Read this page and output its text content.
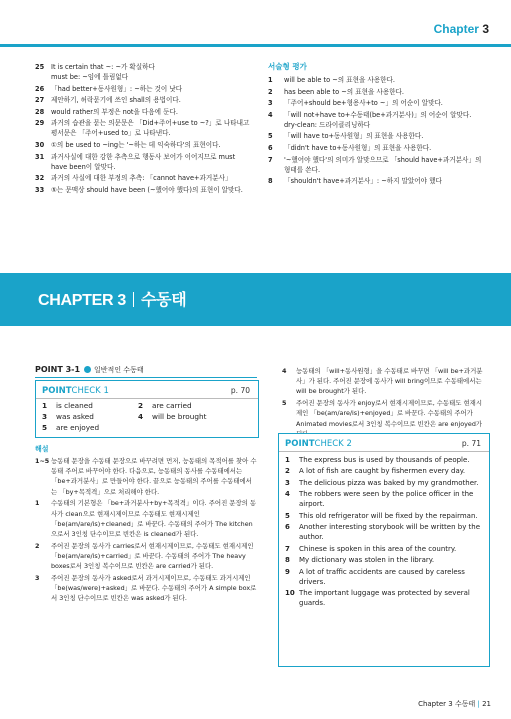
Chapter 3
25	It is certain that ~: ~가 확실하다
must be: ~임에 틀림없다
26	「had better+동사원형」: ~하는 것이 낫다
27	제안하기, 허락묻기에 쓰인 shall의 용법이다.
28	would rather의 부정은 not을 다음에 둔다.
29	과거의 습관을 묻는 의문문은 「Did+주어+use to ~?」로 나타내고
평서문은 「주어+used to」로 나타낸다.
30	①의 be used to ~ing는 '~하는 데 익숙하다'의 표현이다.
31	과거사실에 대한 강한 추측으로 행동사 보어가 이어지므로 must
have been이 알맞다.
32	과거의 사실에 대한 부정의 추측: 「cannot have+과거분사」
33	⑤는 문맥상 should have been (~했어야 했다)의 표현이 알맞다.
서술형 평가
1	will be able to ~의 표현을 사용한다.
2	has been able to ~의 표현을 사용한다.
3	「주어+should be+형용사+to ~」의 어순이 알맞다.
4	「will not+have to+수동태(be+과거분사)」의 어순이 알맞다.
dry-clean: 드라이클리닝하다
5	「will have to+동사원형」의 표현을 사용한다.
6	「didn't have to+동사원형」의 표현을 사용한다.
7	'~했어야 했다'의 의미가 알맞으므로 「should have+과거분사」의
형태를 쓴다.
8	「shouldn't have+과거분사」: ~하지 말았어야 했다
CHAPTER 3 수동태
POINT 3-1 일반적인 수동태
POINTCHECK 1	p. 70
1 is cleaned	2 are carried
3 was asked	4 will be brought
5 are enjoyed
해설
1~5 능동태 문장을 수동태 문장으로 바꾸려면 먼저, 능동태의 목적어를 찾아 수동태 주어로 바꾸어야 한다. 다음으로, 능동태의 동사를 수동태에서는 「be+과거분사」로 만들어야 한다. 끝으로 능동태의 주어를 수동태에서는 「by+목적격」으로 처리해야 한다.
1	수동태의 기본형은 「be+과거분사+by+목적격」이다. 주어진 문장의 동사가 clean으로 현재시제이므로 수동태도 현재시제인 「be(am/are/is)+cleaned」로 바꾼다. 수동태의 주어가 The kitchen으로서 3인칭 단수이므로 빈칸은 is cleaned가 된다.
2	주어진 문장의 동사가 carries로서 현재시제이므로, 수동태도 현재시제인 「be(am/are/is)+carried」로 바꾼다. 수동태의 주어가 The heavy boxes로서 3인칭 복수이므로 빈칸은 are carried가 된다.
3	주어진 문장의 동사가 asked로서 과거시제이므로, 수동태도 과거시제인 「be(was/were)+asked」로 바꾼다. 수동태의 주어가 A simple box로서 3인칭 단수이므로 빈칸은 was asked가 된다.
4	능동태의 「will+동사원형」을 수동태로 바꾸면 「will be+과거분사」가 된다. 주어진 문장에 동사가 will bring이므로 수동태에서는 will be brought가 된다.
5	주어진 문장의 동사가 enjoy로서 현재시제이므로, 수동태도 현재시제인 「be(am/are/is)+enjoyed」로 바꾼다. 수동태의 주어가 Animated movies로서 3인칭 복수이므로 빈칸은 are enjoyed가
POINTCHECK 2	p. 71
1	The express bus is used by thousands of people.
2	A lot of fish are caught by fishermen every day.
3	The delicious pizza was baked by my grandmother.
4	The robbers were seen by the police officer in the airport.
5	This old refrigerator will be fixed by the repairman.
6	Another interesting storybook will be written by the author.
7	Chinese is spoken in this area of the country.
8	My dictionary was stolen in the library.
9	A lot of traffic accidents are caused by careless drivers.
10 The important luggage was protected by several guards.
Chapter 3 수동태 | 21
